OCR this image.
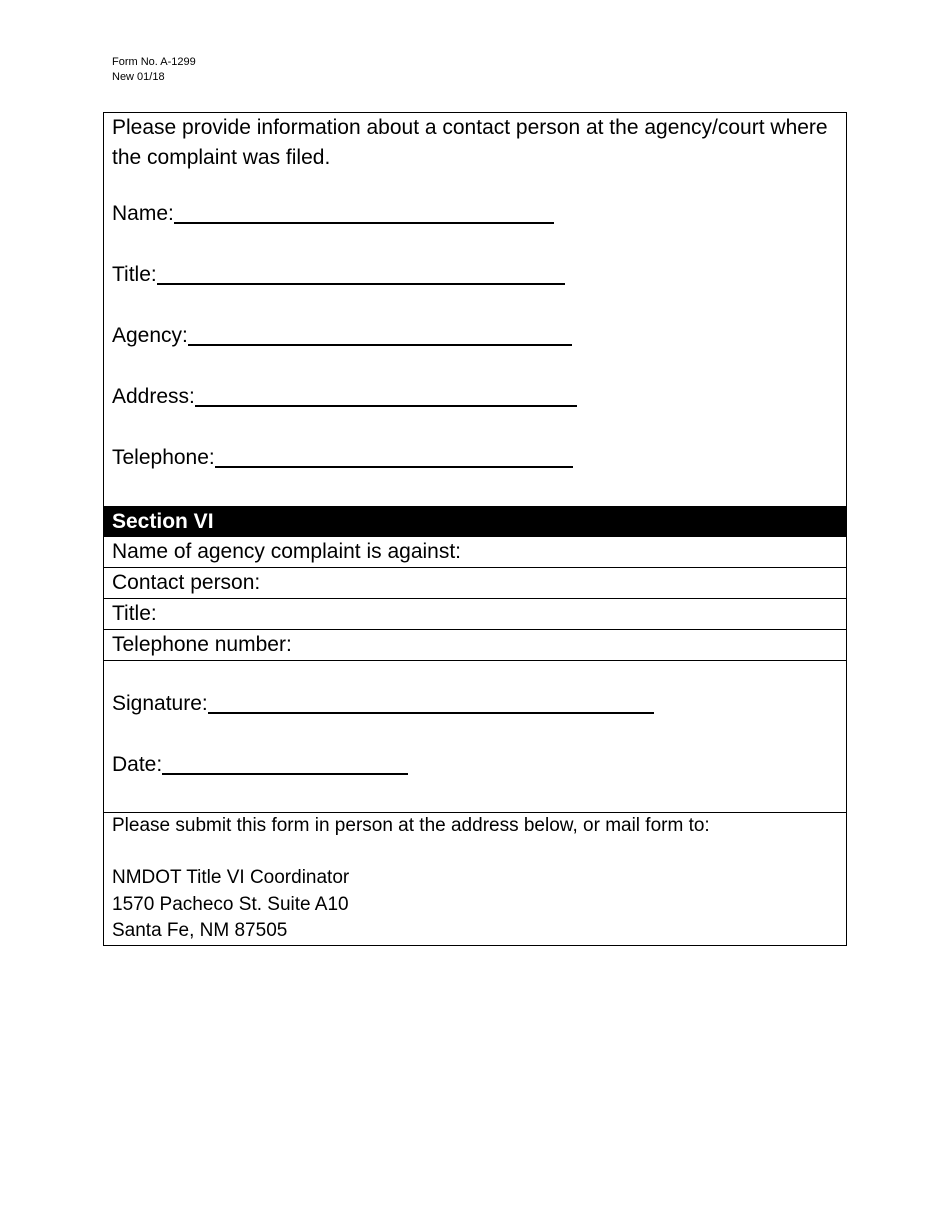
Form No. A-1299
New 01/18

Please provide information about a contact person at the agency/court where the complaint was filed.

Name:
Title:
Agency:
Address:
Telephone:
Section VI
Name of agency complaint is against:
Contact person:
Title:
Telephone number:
Signature:
Date:
Please submit this form in person at the address below, or mail form to:
NMDOT Title VI Coordinator
1570 Pacheco St. Suite A10
Santa Fe, NM 87505
